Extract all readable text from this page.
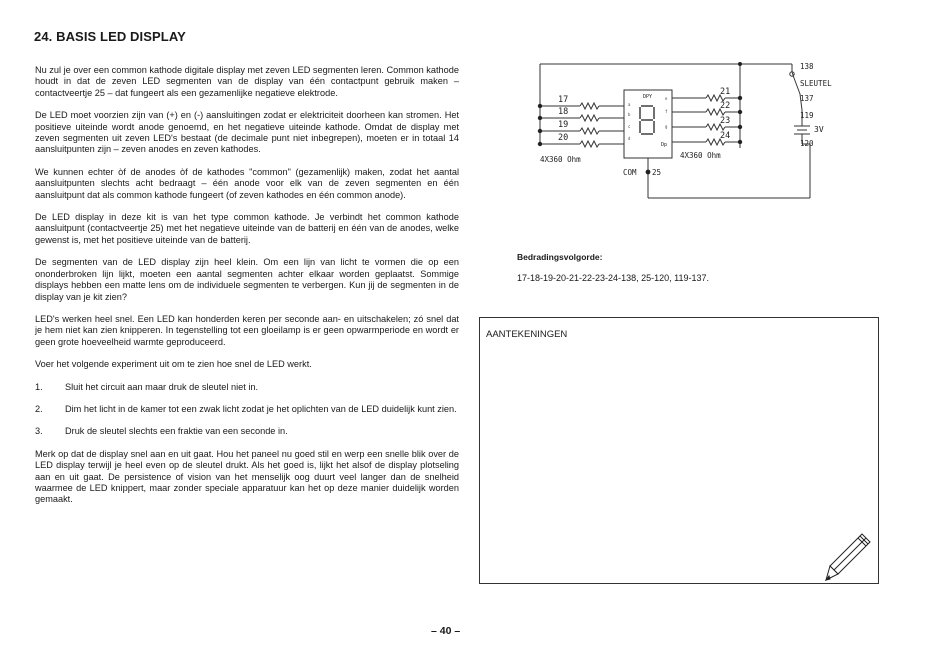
24. BASIS LED DISPLAY

Nu zul je over een common kathode digitale display met zeven LED segmenten leren. Common kathode houdt in dat de zeven LED segmenten van de display van één contactpunt gebruik maken – contactveertje 25 – dat fungeert als een gezamenlijke negatieve elektrode.

De LED moet voorzien zijn van (+) en (-) aansluitingen zodat er elektriciteit doorheen kan stromen. Het positieve uiteinde wordt anode genoemd, en het negatieve uiteinde kathode. Omdat de display met zeven segmenten uit zeven LED's bestaat (de decimale punt niet inbegrepen), moeten er in totaal 14 aansluitpunten zijn – zeven anodes en zeven kathodes.

We kunnen echter òf de anodes òf de kathodes "common" (gezamenlijk) maken, zodat het aantal aansluitpunten slechts acht bedraagt – één anode voor elk van de zeven segmenten en één aansluitpunt dat als common kathode fungeert (of zeven kathodes en één common anode).

De LED display in deze kit is van het type common kathode. Je verbindt het common kathode aansluitpunt (contactveertje 25) met het negatieve uiteinde van de batterij en één van de anodes, welke gewenst is, met het positieve uiteinde van de batterij.

De segmenten van de LED display zijn heel klein. Om een lijn van licht te vormen die op een ononderbroken lijn lijkt, moeten een aantal segmenten achter elkaar worden geplaatst. Sommige displays hebben een matte lens om de individuele segmenten te verbergen. Kun jij de segmenten in de display van je kit zien?

LED's werken heel snel. Een LED kan honderden keren per seconde aan- en uitschakelen; zó snel dat je hem niet kan zien knipperen. In tegenstelling tot een gloeilamp is er geen opwarmperiode en wordt er geen grote hoeveelheid warmte geproduceerd.

Voer het volgende experiment uit om te zien hoe snel de LED werkt.

1.	Sluit het circuit aan maar druk de sleutel niet in.
2.	Dim het licht in de kamer tot een zwak licht zodat je het oplichten van de LED duidelijk kunt zien.
3.	Druk de sleutel slechts een fraktie van een seconde in.

Merk op dat de display snel aan en uit gaat. Hou het paneel nu goed stil en werp een snelle blik over de LED display terwijl je heel even op de sleutel drukt. Als het goed is, lijkt het alsof de display plotseling aan en uit gaat. De persistence of vision van het menselijk oog duurt veel langer dan de snelheid waarmee de LED knippert, maar zonder speciale apparatuur kan het op deze manier duidelijk worden gemaakt.

17
18
19
20
21
22
23
24
4X360 Ohm	4X360 Ohm
DPY
Dp
COM 25
138
SLEUTEL
137
119
3V
120
a
b
c
d
e
f
g
Bedradingsvolgorde:
17-18-19-20-21-22-23-24-138, 25-120, 119-137.
AANTEKENINGEN
– 40 –
